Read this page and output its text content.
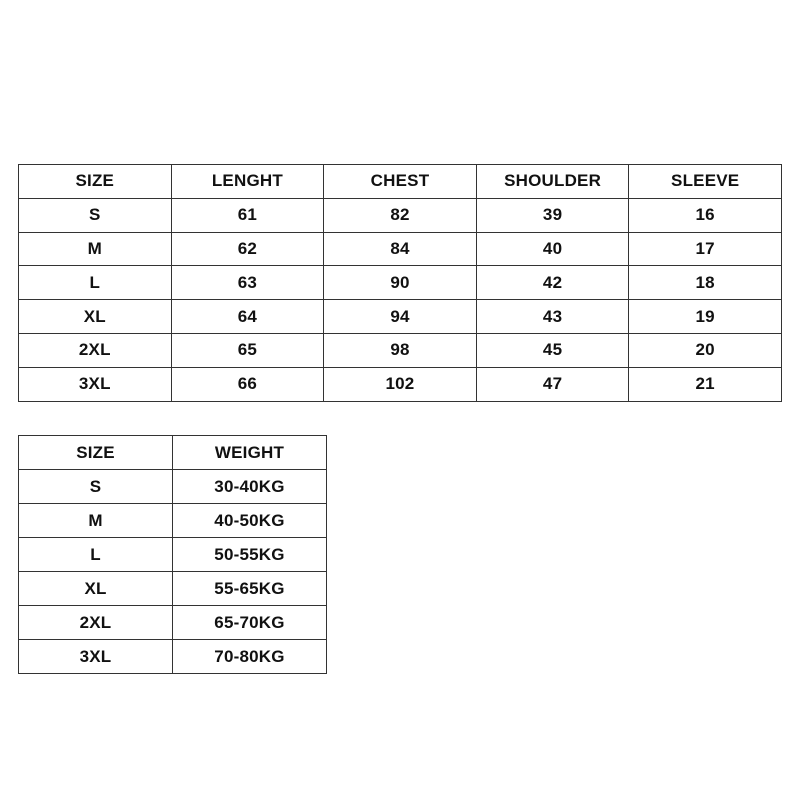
SIZE	LENGHT	CHEST	SHOULDER	SLEEVE
S	61	82	39	16
M	62	84	40	17
L	63	90	42	18
XL	64	94	43	19
2XL	65	98	45	20
3XL	66	102	47	21
SIZE	WEIGHT
S	30-40KG
M	40-50KG
L	50-55KG
XL	55-65KG
2XL	65-70KG
3XL	70-80KG
